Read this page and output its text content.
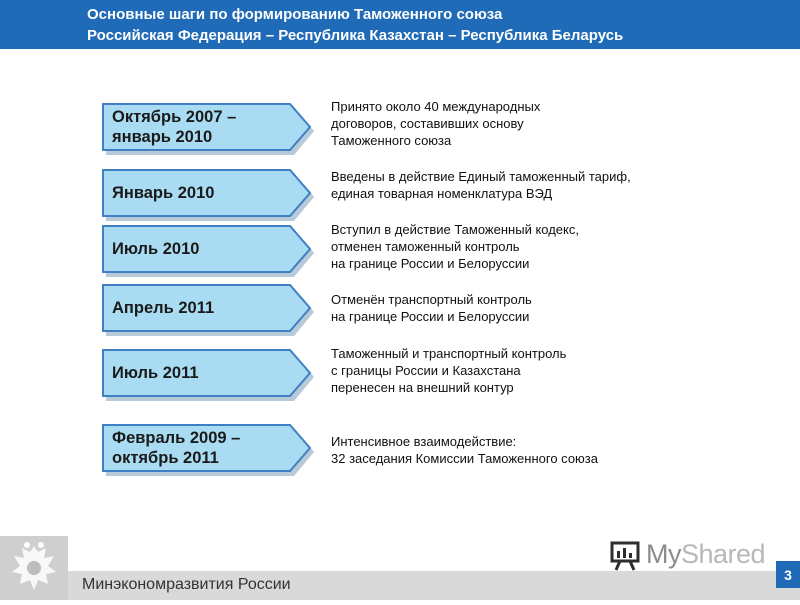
Основные шаги по формированию Таможенного союза
Российская Федерация – Республика Казахстан – Республика Беларусь
Октябрь 2007 –
январь 2010
Принято около 40 международных
договоров, составивших основу
Таможенного союза
Январь 2010
Введены в действие Единый таможенный тариф,
единая товарная номенклатура ВЭД
Июль 2010
Вступил в действие Таможенный кодекс,
отменен таможенный контроль
на границе России и Белоруссии
Апрель 2011	Отменён транспортный контроль
на границе России и Белоруссии
Июль 2011
Таможенный и транспортный контроль
с границы России и Казахстана
перенесен на внешний контур
Февраль 2009 –
октябрь 2011
Интенсивное взаимодействие:
32 заседания Комиссии Таможенного союза
Минэкономразвития России
MyShared
3
